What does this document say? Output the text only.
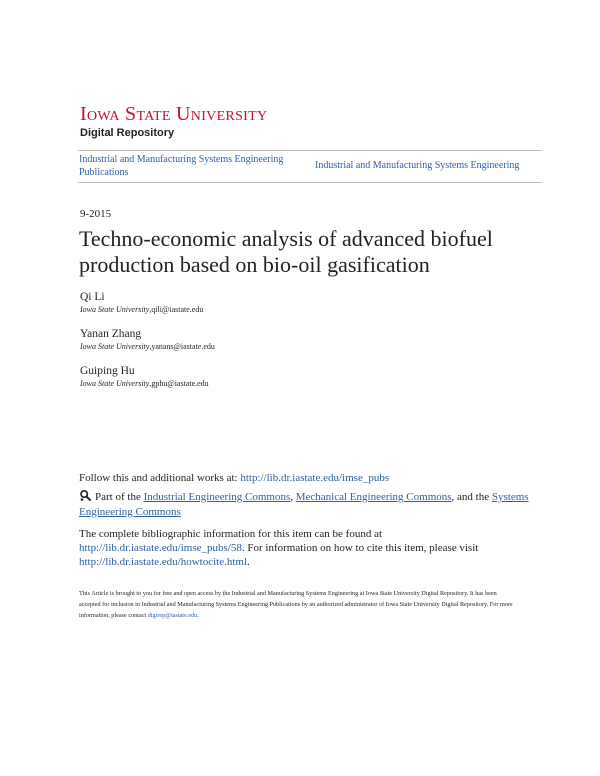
Iowa State University
Digital Repository
Industrial and Manufacturing Systems Engineering Publications
Industrial and Manufacturing Systems Engineering
9-2015
Techno-economic analysis of advanced biofuel production based on bio-oil gasification
Qi Li
Iowa State University,qili@iastate.edu
Yanan Zhang
Iowa State University,yanans@iastate.edu
Guiping Hu
Iowa State University,gphu@iastate.edu
Follow this and additional works at: http://lib.dr.iastate.edu/imse_pubs
Part of the Industrial Engineering Commons, Mechanical Engineering Commons, and the Systems Engineering Commons
The complete bibliographic information for this item can be found at http://lib.dr.iastate.edu/imse_pubs/58. For information on how to cite this item, please visit http://lib.dr.iastate.edu/howtocite.html.
This Article is brought to you for free and open access by the Industrial and Manufacturing Systems Engineering at Iowa State University Digital Repository. It has been accepted for inclusion in Industrial and Manufacturing Systems Engineering Publications by an authorized administrator of Iowa State University Digital Repository. For more information, please contact digirep@iastate.edu.
